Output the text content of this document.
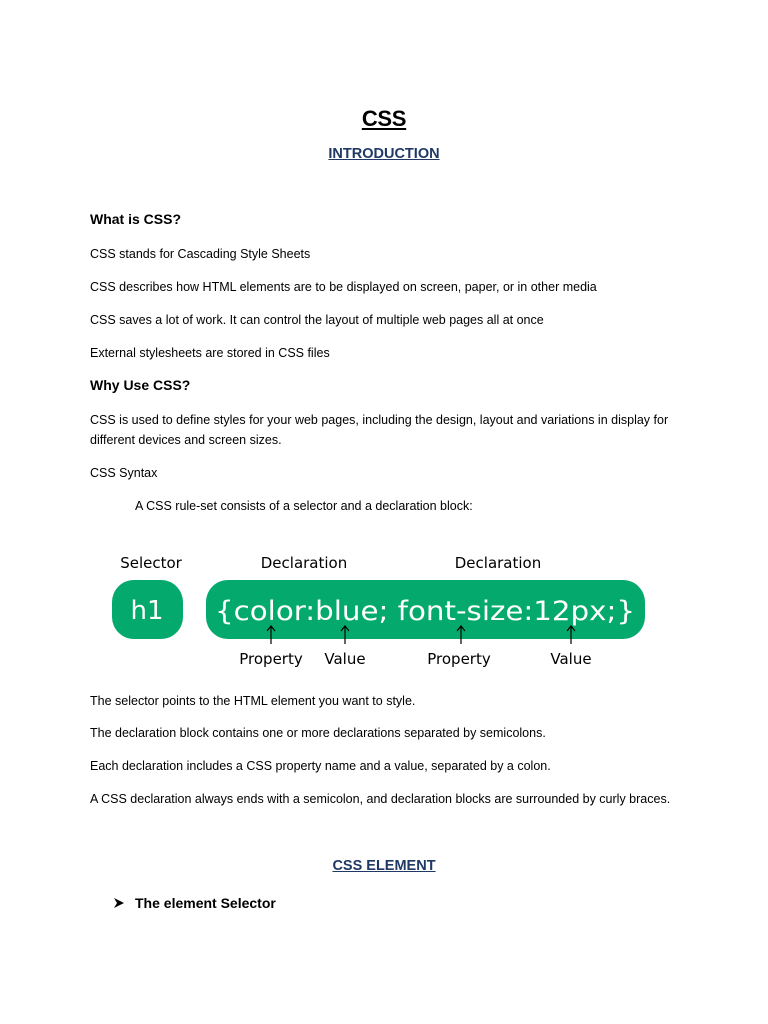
CSS
INTRODUCTION
What is CSS?
CSS stands for Cascading Style Sheets
CSS describes how HTML elements are to be displayed on screen, paper, or in other media
CSS saves a lot of work. It can control the layout of multiple web pages all at once
External stylesheets are stored in CSS files
Why Use CSS?
CSS is used to define styles for your web pages, including the design, layout and variations in display for different devices and screen sizes.
CSS Syntax
A CSS rule-set consists of a selector and a declaration block:
Selector	Declaration	Declaration
h1 {color:blue; font-size:12px;}
Property Value	Property	Value
The selector points to the HTML element you want to style.
The declaration block contains one or more declarations separated by semicolons.
Each declaration includes a CSS property name and a value, separated by a colon.
A CSS declaration always ends with a semicolon, and declaration blocks are surrounded by curly braces.
CSS ELEMENT
The element Selector
